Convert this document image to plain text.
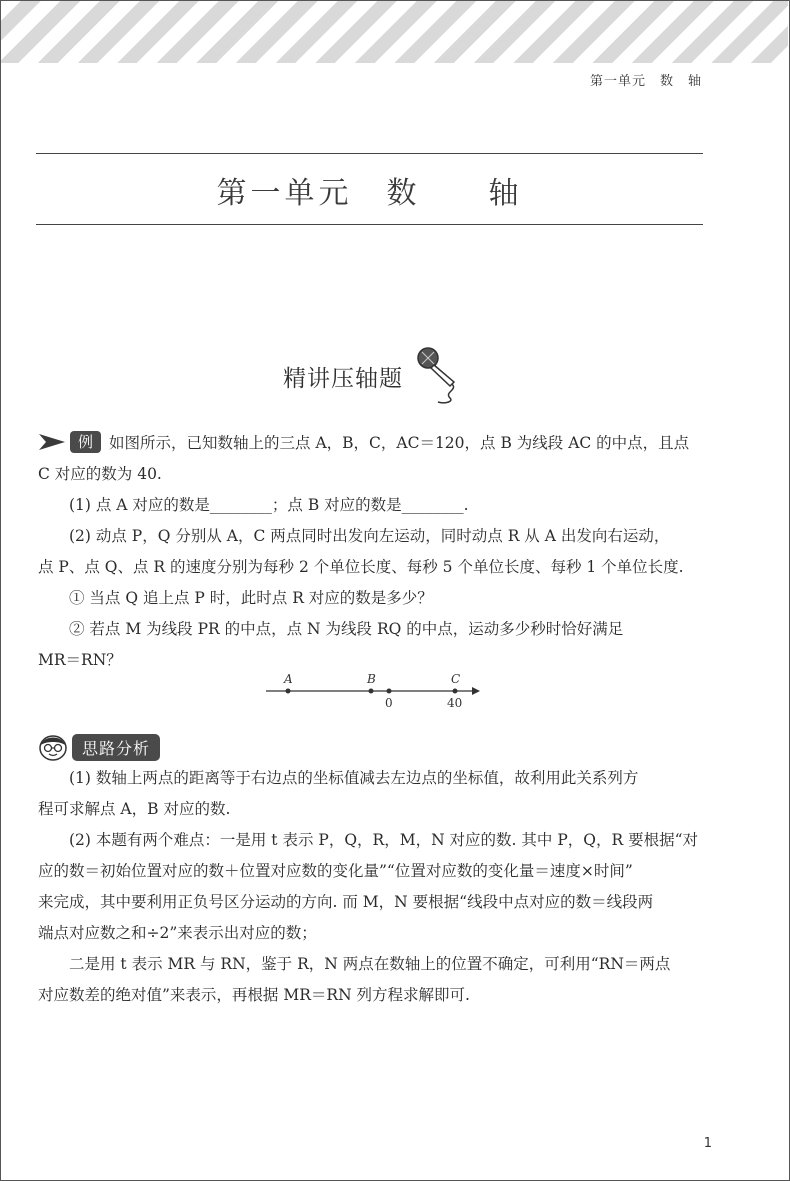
第一单元　数　轴
第一单元　数　　轴
精讲压轴题

例 如图所示，已知数轴上的三点 A，B，C，AC＝120，点 B 为线段 AC 的中点，且点

C 对应的数为 40.

(1) 点 A 对应的数是________；点 B 对应的数是________.

(2) 动点 P，Q 分别从 A，C 两点同时出发向左运动，同时动点 R 从 A 出发向右运动，

点 P、点 Q、点 R 的速度分别为每秒 2 个单位长度、每秒 5 个单位长度、每秒 1 个单位长度.

① 当点 Q 追上点 P 时，此时点 R 对应的数是多少？

② 若点 M 为线段 PR 的中点，点 N 为线段 RQ 的中点，运动多少秒时恰好满足

MR＝RN？

A	B	C
0	40
思路分析

(1) 数轴上两点的距离等于右边点的坐标值减去左边点的坐标值，故利用此关系列方

程可求解点 A，B 对应的数.

(2) 本题有两个难点：一是用 t 表示 P，Q，R，M，N 对应的数. 其中 P，Q，R 要根据“对

应的数＝初始位置对应的数＋位置对应数的变化量”“位置对应数的变化量＝速度×时间”

来完成，其中要利用正负号区分运动的方向. 而 M，N 要根据“线段中点对应的数＝线段两

端点对应数之和÷2”来表示出对应的数；

二是用 t 表示 MR 与 RN，鉴于 R，N 两点在数轴上的位置不确定，可利用“RN＝两点

对应数差的绝对值”来表示，再根据 MR＝RN 列方程求解即可.

1
